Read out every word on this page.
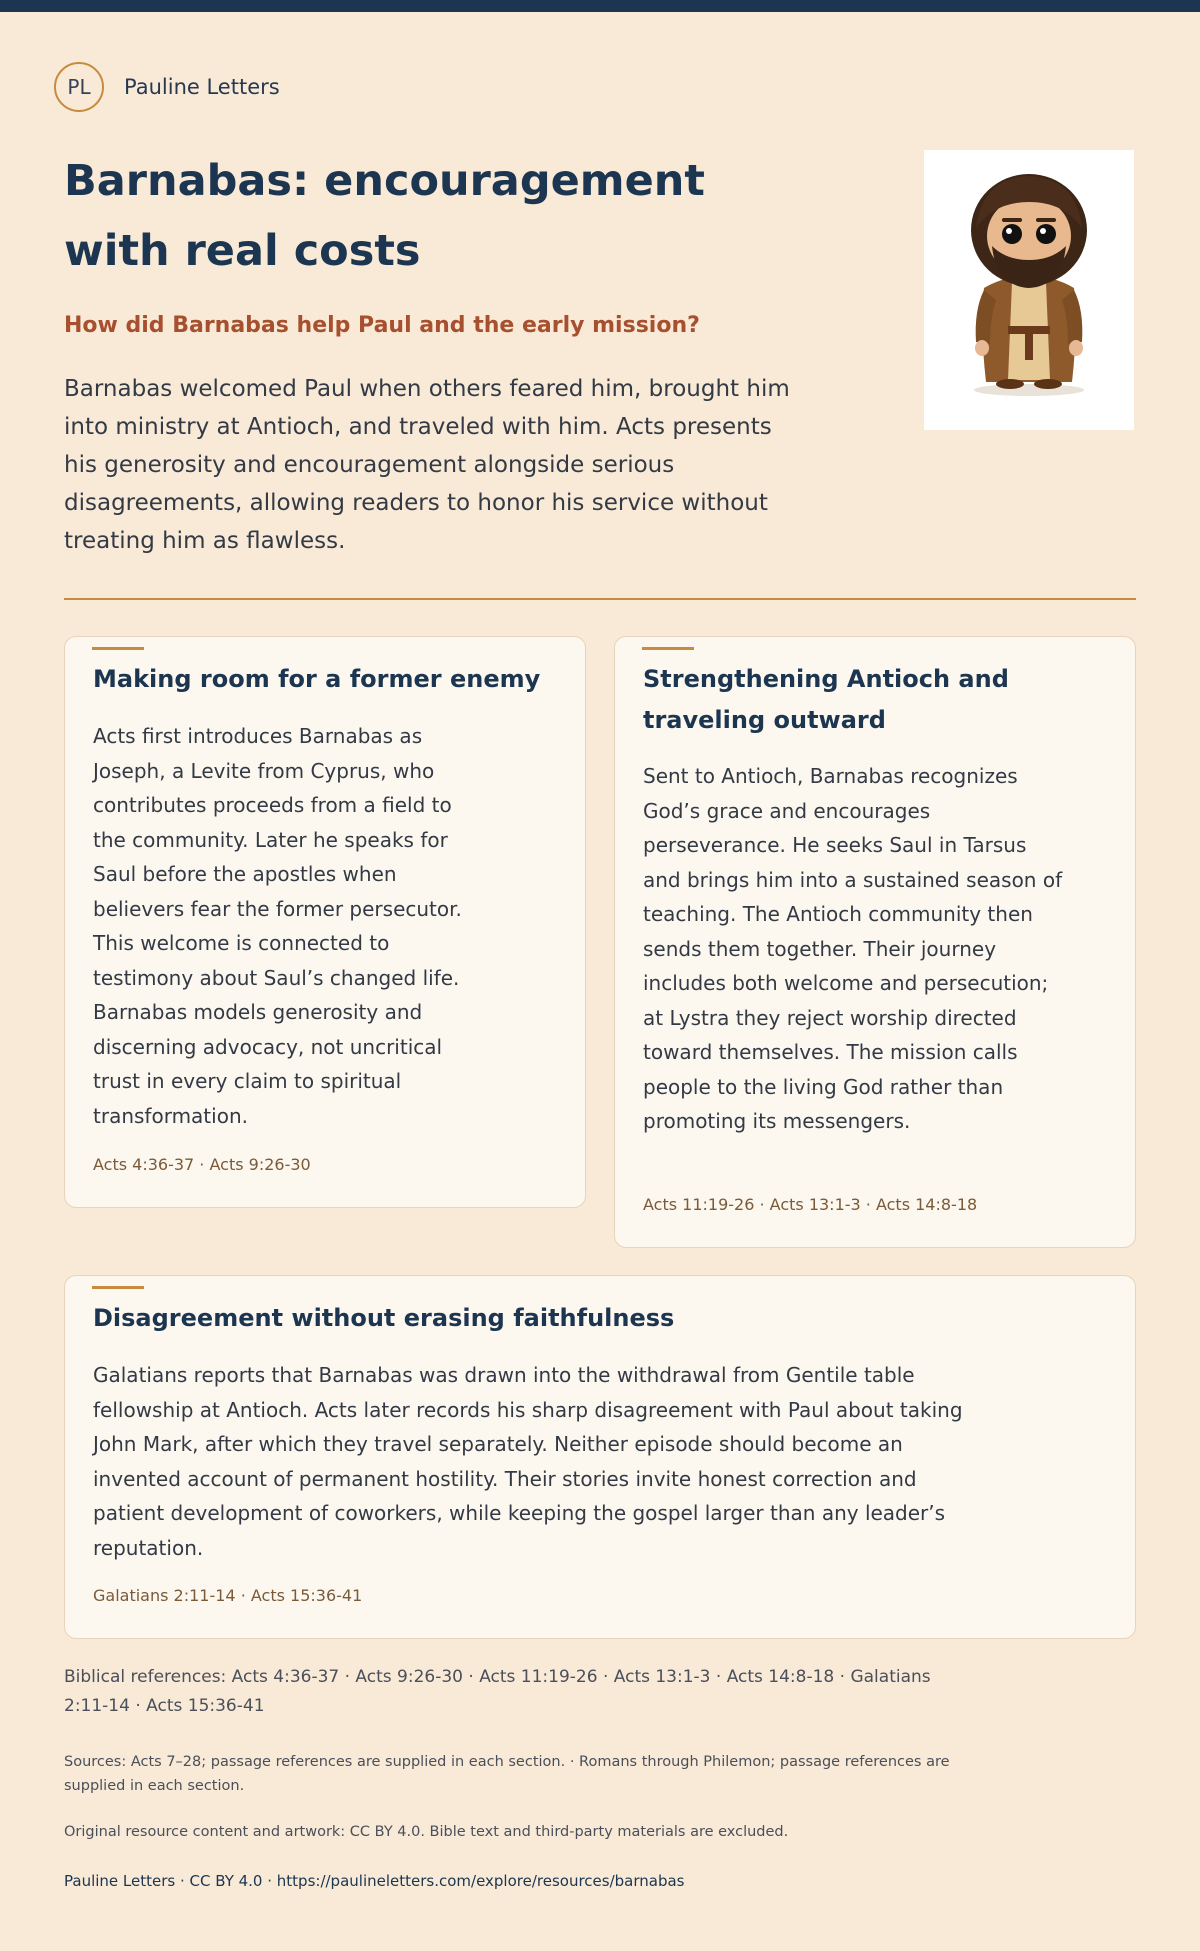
PL	Pauline Letters
Barnabas: encouragement with real costs
How did Barnabas help Paul and the early mission?

Barnabas welcomed Paul when others feared him, brought him into ministry at Antioch, and traveled with him. Acts presents his generosity and encouragement alongside serious disagreements, allowing readers to honor his service without treating him as flawless.

Making room for a former enemy

Acts first introduces Barnabas as Joseph, a Levite from Cyprus, who contributes proceeds from a field to the community. Later he speaks for Saul before the apostles when believers fear the former persecutor. This welcome is connected to testimony about Saul’s changed life. Barnabas models generosity and discerning advocacy, not uncritical trust in every claim to spiritual transformation.

Acts 4:36-37 · Acts 9:26-30
Strengthening Antioch and traveling outward

Sent to Antioch, Barnabas recognizes God’s grace and encourages perseverance. He seeks Saul in Tarsus and brings him into a sustained season of teaching. The Antioch community then sends them together. Their journey includes both welcome and persecution; at Lystra they reject worship directed toward themselves. The mission calls people to the living God rather than promoting its messengers.

Acts 11:19-26 · Acts 13:1-3 · Acts 14:8-18
Disagreement without erasing faithfulness

Galatians reports that Barnabas was drawn into the withdrawal from Gentile table fellowship at Antioch. Acts later records his sharp disagreement with Paul about taking John Mark, after which they travel separately. Neither episode should become an invented account of permanent hostility. Their stories invite honest correction and patient development of coworkers, while keeping the gospel larger than any leader’s reputation.

Galatians 2:11-14 · Acts 15:36-41

Biblical references: Acts 4:36-37 · Acts 9:26-30 · Acts 11:19-26 · Acts 13:1-3 · Acts 14:8-18 · Galatians 2:11-14 · Acts 15:36-41

Sources: Acts 7–28; passage references are supplied in each section. · Romans through Philemon; passage references are supplied in each section.

Original resource content and artwork: CC BY 4.0. Bible text and third-party materials are excluded.

Pauline Letters · CC BY 4.0 · https://paulineletters.com/explore/resources/barnabas
